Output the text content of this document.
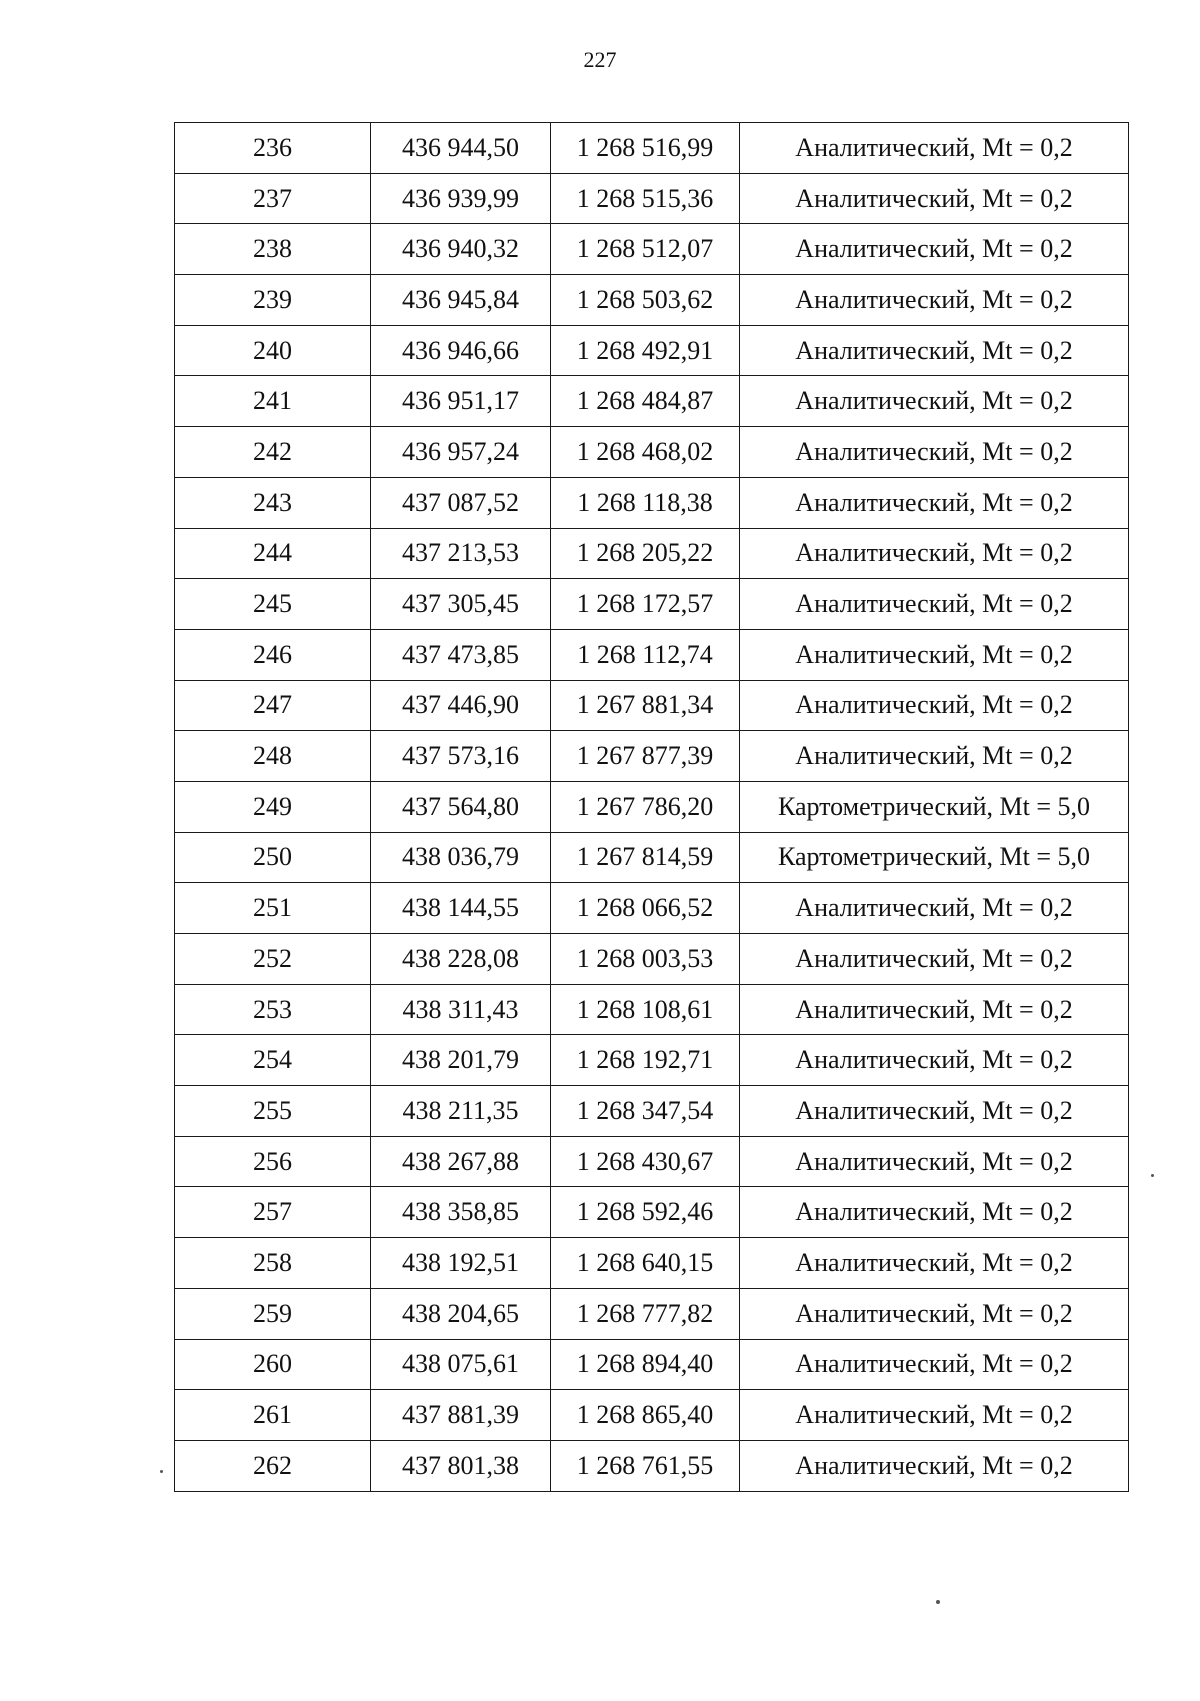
227
236	436 944,50	1 268 516,99	Аналитический, Mt = 0,2
237	436 939,99	1 268 515,36	Аналитический, Mt = 0,2
238	436 940,32	1 268 512,07	Аналитический, Mt = 0,2
239	436 945,84	1 268 503,62	Аналитический, Mt = 0,2
240	436 946,66	1 268 492,91	Аналитический, Mt = 0,2
241	436 951,17	1 268 484,87	Аналитический, Mt = 0,2
242	436 957,24	1 268 468,02	Аналитический, Mt = 0,2
243	437 087,52	1 268 118,38	Аналитический, Mt = 0,2
244	437 213,53	1 268 205,22	Аналитический, Mt = 0,2
245	437 305,45	1 268 172,57	Аналитический, Mt = 0,2
246	437 473,85	1 268 112,74	Аналитический, Mt = 0,2
247	437 446,90	1 267 881,34	Аналитический, Mt = 0,2
248	437 573,16	1 267 877,39	Аналитический, Mt = 0,2
249	437 564,80	1 267 786,20	Картометрический, Mt = 5,0
250	438 036,79	1 267 814,59	Картометрический, Mt = 5,0
251	438 144,55	1 268 066,52	Аналитический, Mt = 0,2
252	438 228,08	1 268 003,53	Аналитический, Mt = 0,2
253	438 311,43	1 268 108,61	Аналитический, Mt = 0,2
254	438 201,79	1 268 192,71	Аналитический, Mt = 0,2
255	438 211,35	1 268 347,54	Аналитический, Mt = 0,2
256	438 267,88	1 268 430,67	Аналитический, Mt = 0,2
257	438 358,85	1 268 592,46	Аналитический, Mt = 0,2
258	438 192,51	1 268 640,15	Аналитический, Mt = 0,2
259	438 204,65	1 268 777,82	Аналитический, Mt = 0,2
260	438 075,61	1 268 894,40	Аналитический, Mt = 0,2
261	437 881,39	1 268 865,40	Аналитический, Mt = 0,2
262	437 801,38	1 268 761,55	Аналитический, Mt = 0,2
